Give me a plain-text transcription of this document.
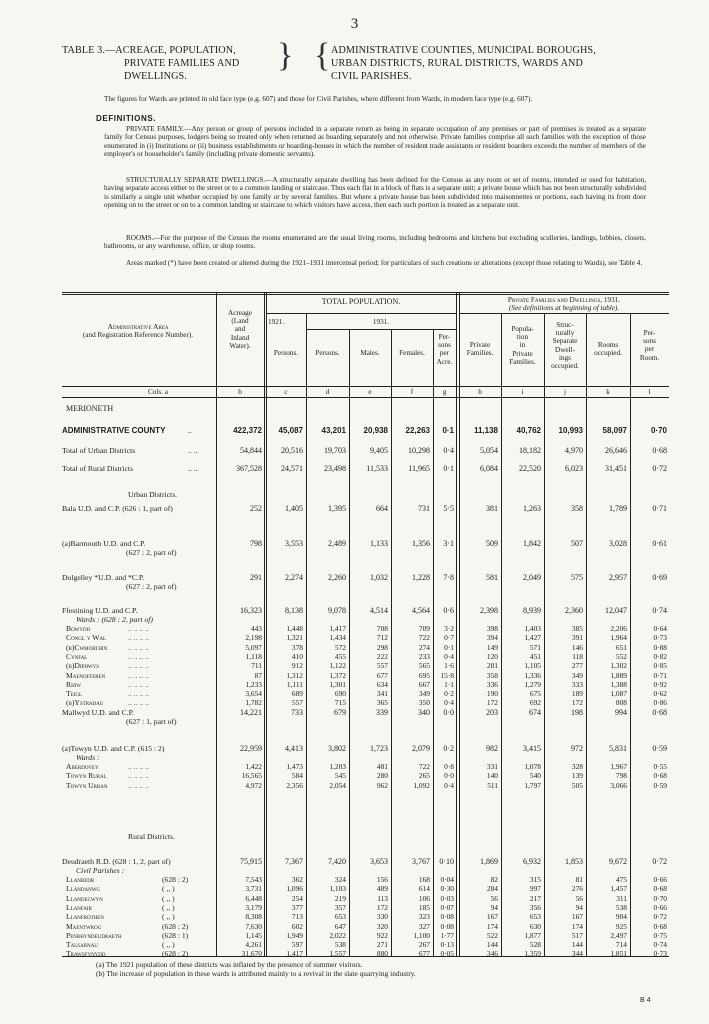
3
TABLE 3.—ACREAGE, POPULATION,
PRIVATE FAMILIES AND
DWELLINGS.
} { ADMINISTRATIVE COUNTIES, MUNICIPAL BOROUGHS,
URBAN DISTRICTS, RURAL DISTRICTS, WARDS AND
CIVIL PARISHES.
The figures for Wards are printed in old face type (e.g. 607) and those for Civil Parishes, where different from Wards, in modern face type (e.g. 607).
DEFINITIONS.
PRIVATE FAMILY.—Any person or group of persons included in a separate return as being in separate occupation of any premises or part of premises is treated as a separate family for Census purposes, lodgers being so treated only when returned as boarding separately and not otherwise. Private families comprise all such families with the exception of those enumerated in (i) Institutions or (ii) business establishments or boarding-houses in which the number of resident trade assistants or resident boarders exceeds the number of members of the employer's or householder's family (including private domestic servants).
STRUCTURALLY SEPARATE DWELLINGS.—A structurally separate dwelling has been defined for the Census as any room or set of rooms, intended or used for habitation, having separate access either to the street or to a common landing or staircase. Thus each flat in a block of flats is a separate unit; a private house which has not been structurally subdivided is similarly a single unit whether occupied by one family or by several families. But where a private house has been subdivided into maisonnettes or portions, each having its front door opening on to the street or on to a common landing or staircase to which visitors have access, then each such portion is treated as a separate unit.
ROOMS.—For the purpose of the Census the rooms enumerated are the usual living rooms, including bedrooms and kitchens but excluding sculleries, landings, lobbies, closets, bathrooms, or any warehouse, office, or shop rooms.
Areas marked (*) have been created or altered during the 1921–1931 intercensal period; for particulars of such creations or alterations (except those relating to Wards), see Table 4.
Administrative Area
(and Registration Reference Number).
Acreage
(Land
and
Inland
Water).
TOTAL POPULATION.
1921.	1931.
Persons.	Persons.	Males.	Females.
Per-
sons
per
Acre.
Private Families and Dwellings, 1931.
(See definitions at beginning of table).
Private
Families.
Popula-
tion
in
Private
Families.
Struc-
turally
Separate
Dwell-
ings
occupied.
Rooms
occupied.
Per-
sons
per
Room.
Cols. a	b	c	d	e	f	g	h	i	j	k	l
MERIONETH
ADMINISTRATIVE COUNTY	..	422,372 45,087 43,201 20,938 22,263 0·1 11,138 40,762 10,993 58,097	0·70
Total of Urban Districts	.. ..	54,844 20,516	19,703	9,405	10,298 0·4	5,054	18,182	4,970	26,646	0·68
Total of Rural Districts	.. ..	367,528 24,571	23,498	11,533	11,965 0·1	6,084	22,520	6,023	31,451	0·72
Urban Districts.
Bala U.D. and C.P. (626 : 1, part of)	252	1,405	1,395	664	731 5·5	381	1,263	358	1,789	0·71
(a)Barmouth U.D. and C.P.
(627 : 2, part of)
798	3,553	2,489	1,133	1,356 3·1	509	1,842	507	3,028	0·61
Dolgelley *U.D. and *C.P.
(627 : 2, part of)
291	2,274	2,260	1,032	1,228 7·8	581	2,049	575	2,957	0·69
Ffestiniog U.D. and C.P.
Wards : (628 : 2, part of)
16,323	8,138	9,078	4,514	4,564 0·6	2,398	8,939	2,360	12,047	0·74
Bowydd	.. .. .. ..	443	1,448	1,417	708	709 3·2	398	1,403	385	2,206	0·64
Congl y Wal	.. .. .. ..	2,198	1,321	1,434	712	722 0·7	394	1,427	391	1,964	0·73
(b)Cwmorthin	.. .. .. ..	5,097	378	572	298	274 0·1	149	571	146	651	0·88
Cynfal	.. .. .. ..	1,118	410	455	222	233 0·4	120	451	118	552	0·82
(b)Diphwys	.. .. .. ..	711	912	1,122	557	565 1·6	281	1,105	277	1,302	0·85
Maenofferen	.. .. .. ..	87	1,312	1,372	677	695 15·8	358	1,336	349	1,889	0·71
Rhiw	.. .. .. ..	1,233	1,111	1,301	634	667 1·1	336	1,279	333	1,388	0·92
Teigl	.. .. .. ..	3,654	689	690	341	349 0·2	190	675	189	1,087	0·62
(b)Ystradau	.. .. .. ..	1,782	557	715	365	350 0·4	172	692	172	808	0·86
Mallwyd U.D. and C.P.
(627 : 1, part of)
14,221	733	679	339	340 0·0	203	674	198	994	0·68
(a)Towyn U.D. and C.P. (615 : 2)
Wards :
22,959	4,413	3,802	1,723	2,079 0·2	982	3,415	972	5,831	0·59
Aberdovey	.. .. .. ..	1,422	1,473	1,203	481	722 0·8	331	1,078	328	1,967	0·55
Towyn Rural	.. .. .. ..	16,565	584	545	280	265 0·0	140	540	139	798	0·68
Towyn Urban	.. .. .. ..	4,972	2,356	2,054	962	1,092 0·4	511	1,797	505	3,066	0·59
Rural Districts.
Deudraeth R.D. (628 : 1, 2, part of)
Civil Parishes :
75,915	7,367	7,420	3,653	3,767 0·10	1,869	6,932	1,853	9,672	0·72
Llanbedr	(628 : 2)	7,543	362	324	156	168 0·04	82	315	81	475	0·66
Llandanwg	( ,, )	3,731	1,096	1,103	489	614 0·30	284	997	276	1,457	0·68
Llandecwyn	( ,, )	6,448	254	219	113	106 0·03	56	217	56	311	0·70
Llanfair	( ,, )	3,179	377	357	172	185 0·07	94	356	94	538	0·66
Llanfrothen	( ,, )	8,308	713	653	330	323 0·08	167	653	167	904	0·72
Maentwrog	(628 : 2)	7,630	602	647	320	327 0·08	174	630	174	925	0·68
Penrhyndeudraeth	(628 : 1)	1,145	1,949	2,022	922	1,100 1·77	522	1,877	517	2,497	0·75
Talsarnau	( ,, )	4,261	597	538	271	267 0·13	144	528	144	714	0·74
Trawsfynydd	(628 : 2)	31,670	1,417	1,557	880	677 0·05	346	1,359	344	1,851	0·73
(a) The 1921 population of these districts was inflated by the presence of summer visitors.
(b) The increase of population in these wards is attributed mainly to a revival in the slate quarrying industry.
B 4
